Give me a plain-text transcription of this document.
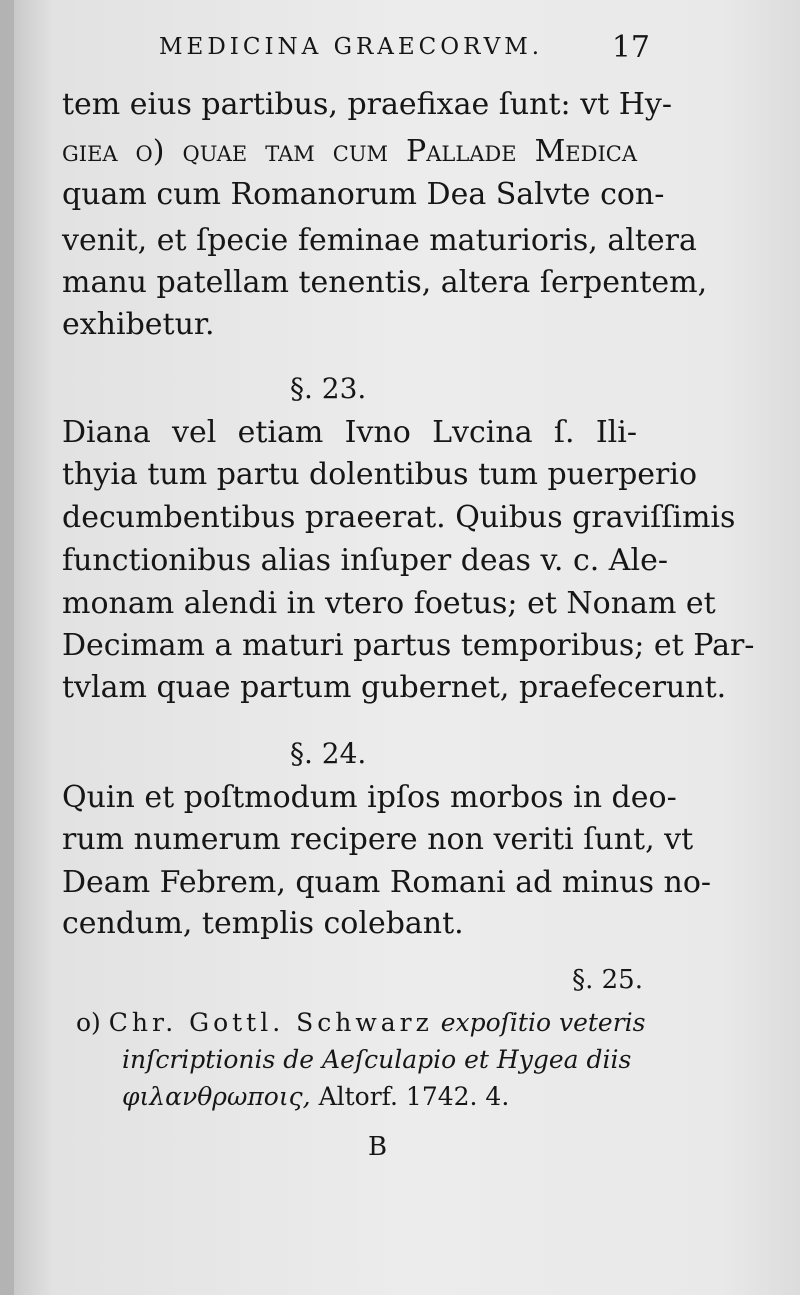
MEDICINA GRAECORVM. 17
tem eius partibus, praefixae ſunt: vt Hy-
giea o) quae tam cum Pallade Medica
quam cum Romanorum Dea Salvte con-
venit, et ſpecie feminae maturioris, altera
manu patellam tenentis, altera ſerpentem,
exhibetur.
§. 23.
Diana vel etiam Ivno Lvcina ſ. Ili-
thyia tum partu dolentibus tum puerperio
decumbentibus praeerat. Quibus graviſſimis
functionibus alias inſuper deas v. c. Ale-
monam alendi in vtero foetus; et Nonam et
Decimam a maturi partus temporibus; et Par-
tvlam quae partum gubernet, praefecerunt.
§. 24.
Quin et poſtmodum ipſos morbos in deo-
rum numerum recipere non veriti ſunt, vt
Deam Febrem, quam Romani ad minus no-
cendum, templis colebant.
§. 25.
o) Chr. Gottl. Schwarz expoſitio veteris
inſcriptionis de Aeſculapio et Hygea diis
φιλανθρωποις, Altorf. 1742. 4.
B
